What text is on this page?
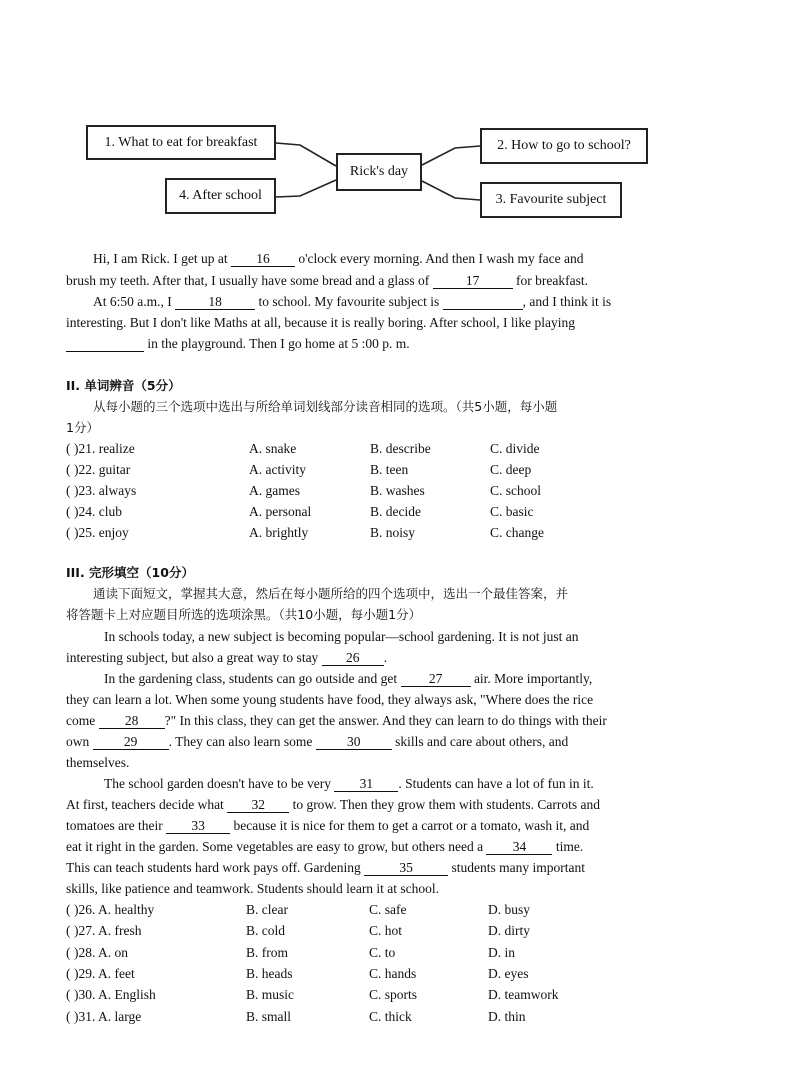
Rick's day
1. What to eat for breakfast	2. How to go to school?
3. Favourite subject
4. After school
Hi, I am Rick. I get up at 16 o'clock every morning. And then I wash my face and
brush my teeth. After that, I usually have some bread and a glass of	17	for breakfast.
At 6:50 a.m., I	18	to school. My favourite subject is	, and I think it is
interesting. But I don't like Maths at all, because it is really boring. After school, I like playing
in the playground. Then I go home at 5 :00 p. m.
II. 单词辨音（5分）
从每小题的三个选项中选出与所给单词划线部分读音相同的选项。（共5小题，每小题
1分）
( )21. realize	A. snake	B. describe	C. divide
( )22. guitar	A. activity	B. teen	C. deep
( )23. always	A. games	B. washes	C. school
( )24. club	A. personal	B. decide	C. basic
( )25. enjoy	A. brightly	B. noisy	C. change
III. 完形填空（10分）
通读下面短文，掌握其大意，然后在每小题所给的四个选项中，选出一个最佳答案，并
将答题卡上对应题目所选的选项涂黑。（共10小题，每小题1分）
In schools today, a new subject is becoming popular—school gardening. It is not just an
interesting subject, but also a great way to stay 26 .
In the gardening class, students can go outside and get 27 air. More importantly,
they can learn a lot. When some young students have food, they always ask, "Where does the rice
come 28 ?" In this class, they can get the answer. And they can learn to do things with their
own	29 . They can also learn some	30	skills and care about others, and
themselves.
The school garden doesn't have to be very 31 . Students can have a lot of fun in it.
At first, teachers decide what 32 to grow. Then they grow them with students. Carrots and
tomatoes are their 33 because it is nice for them to get a carrot or a tomato, wash it, and
eat it right in the garden. Some vegetables are easy to grow, but others need a 34 time.
This can teach students hard work pays off. Gardening	35	students many important
skills, like patience and teamwork. Students should learn it at school.
( )26. A. healthy	B. clear	C. safe	D. busy
( )27. A. fresh	B. cold	C. hot	D. dirty
( )28. A. on	B. from	C. to	D. in
( )29. A. feet	B. heads	C. hands	D. eyes
( )30. A. English	B. music	C. sports	D. teamwork
( )31. A. large	B. small	C. thick	D. thin
